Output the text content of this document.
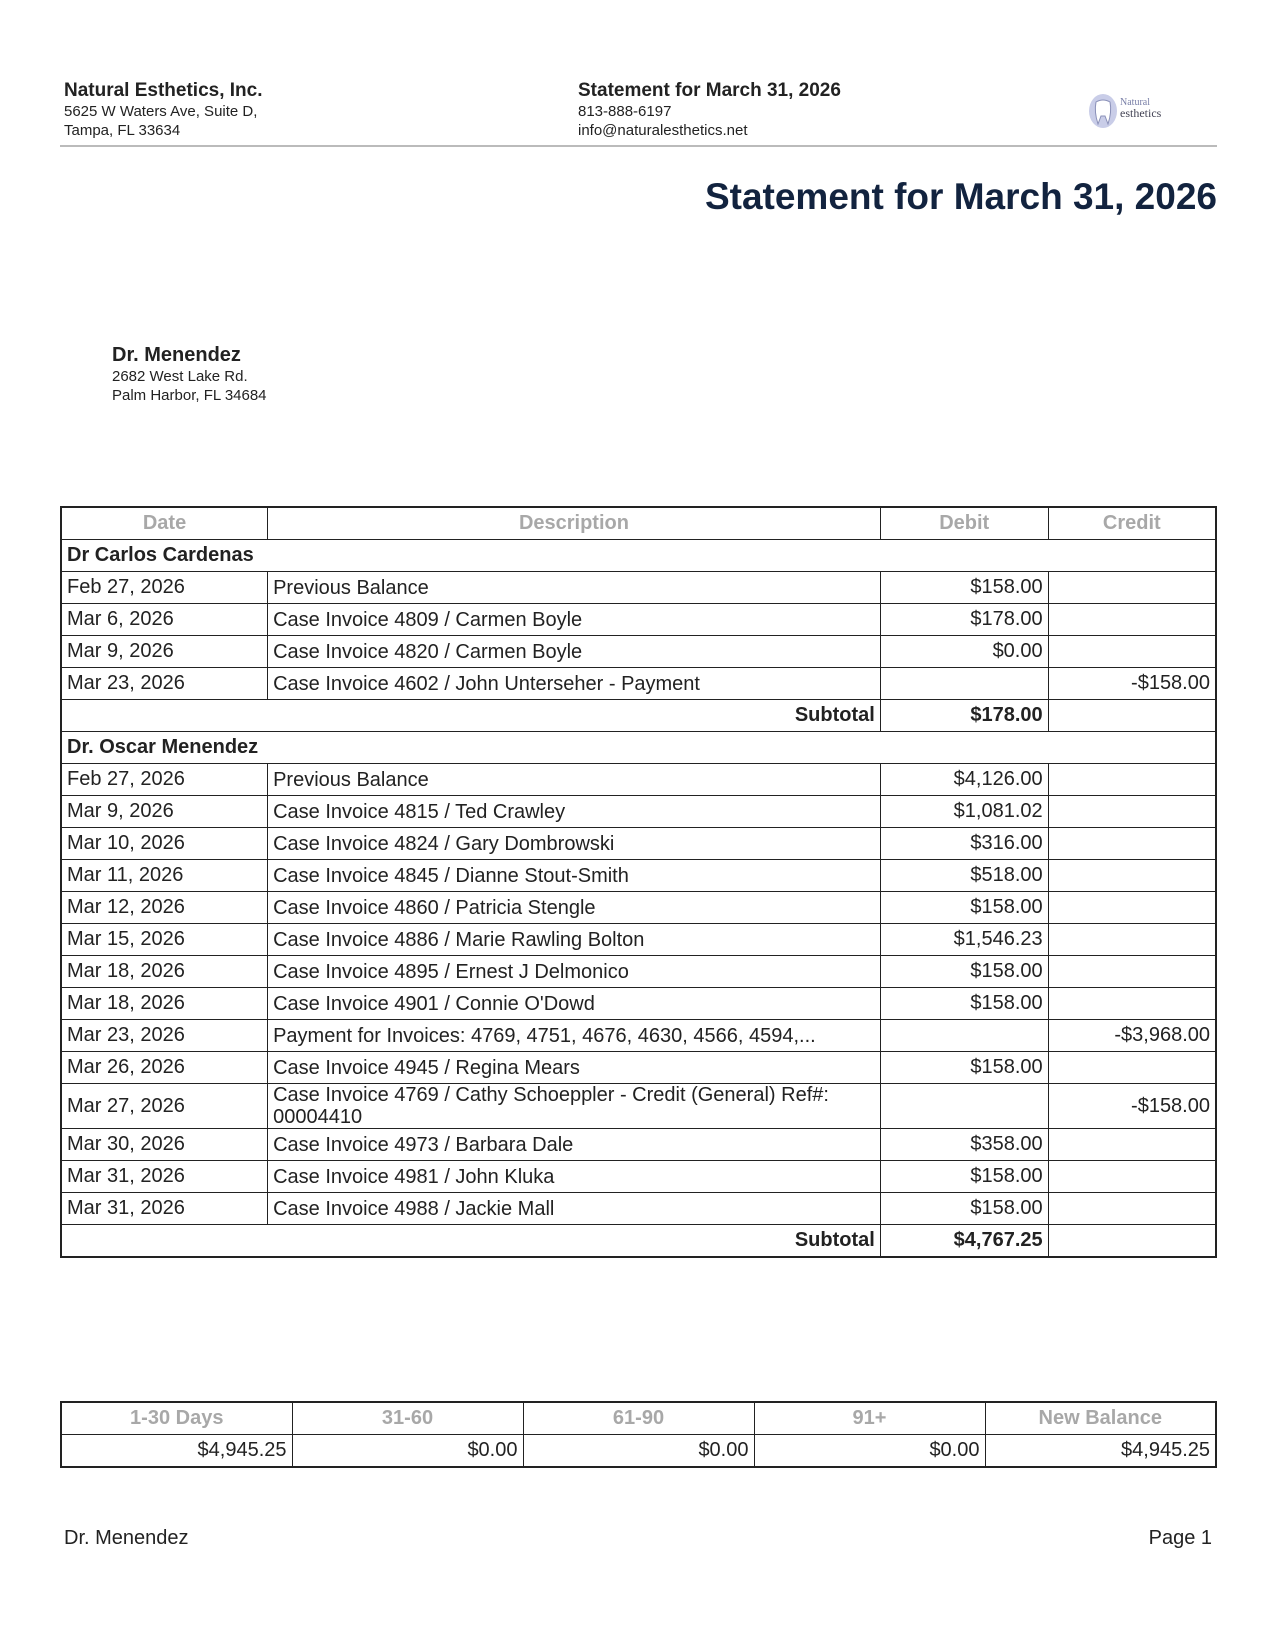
Natural Esthetics, Inc.
5625 W Waters Ave, Suite D,
Tampa, FL 33634
Statement for March 31, 2026
813-888-6197
info@naturalesthetics.net
Natural
esthetics
Statement for March 31, 2026
Dr. Menendez
2682 West Lake Rd.
Palm Harbor, FL 34684
Date	Description	Debit	Credit
Dr Carlos Cardenas			
Feb 27, 2026	Previous Balance	$158.00	
Mar 6, 2026	Case Invoice 4809 / Carmen Boyle	$178.00	
Mar 9, 2026	Case Invoice 4820 / Carmen Boyle	$0.00	
Mar 23, 2026	Case Invoice 4602 / John Unterseher - Payment		-$158.00
Subtotal		$178.00	
Dr. Oscar Menendez			
Feb 27, 2026	Previous Balance	$4,126.00	
Mar 9, 2026	Case Invoice 4815 / Ted Crawley	$1,081.02	
Mar 10, 2026	Case Invoice 4824 / Gary Dombrowski	$316.00	
Mar 11, 2026	Case Invoice 4845 / Dianne Stout-Smith	$518.00	
Mar 12, 2026	Case Invoice 4860 / Patricia Stengle	$158.00	
Mar 15, 2026	Case Invoice 4886 / Marie Rawling Bolton	$1,546.23	
Mar 18, 2026	Case Invoice 4895 / Ernest J Delmonico	$158.00	
Mar 18, 2026	Case Invoice 4901 / Connie O'Dowd	$158.00	
Mar 23, 2026	Payment for Invoices: 4769, 4751, 4676, 4630, 4566, 4594,...		-$3,968.00
Mar 26, 2026	Case Invoice 4945 / Regina Mears	$158.00	
Mar 27, 2026	Case Invoice 4769 / Cathy Schoeppler - Credit (General) Ref#: 00004410		-$158.00
Mar 30, 2026	Case Invoice 4973 / Barbara Dale	$358.00	
Mar 31, 2026	Case Invoice 4981 / John Kluka	$158.00	
Mar 31, 2026	Case Invoice 4988 / Jackie Mall	$158.00	
Subtotal		$4,767.25	
1-30 Days	31-60	61-90	91+	New Balance
$4,945.25	$0.00	$0.00	$0.00	$4,945.25
Dr. Menendez	Page 1
